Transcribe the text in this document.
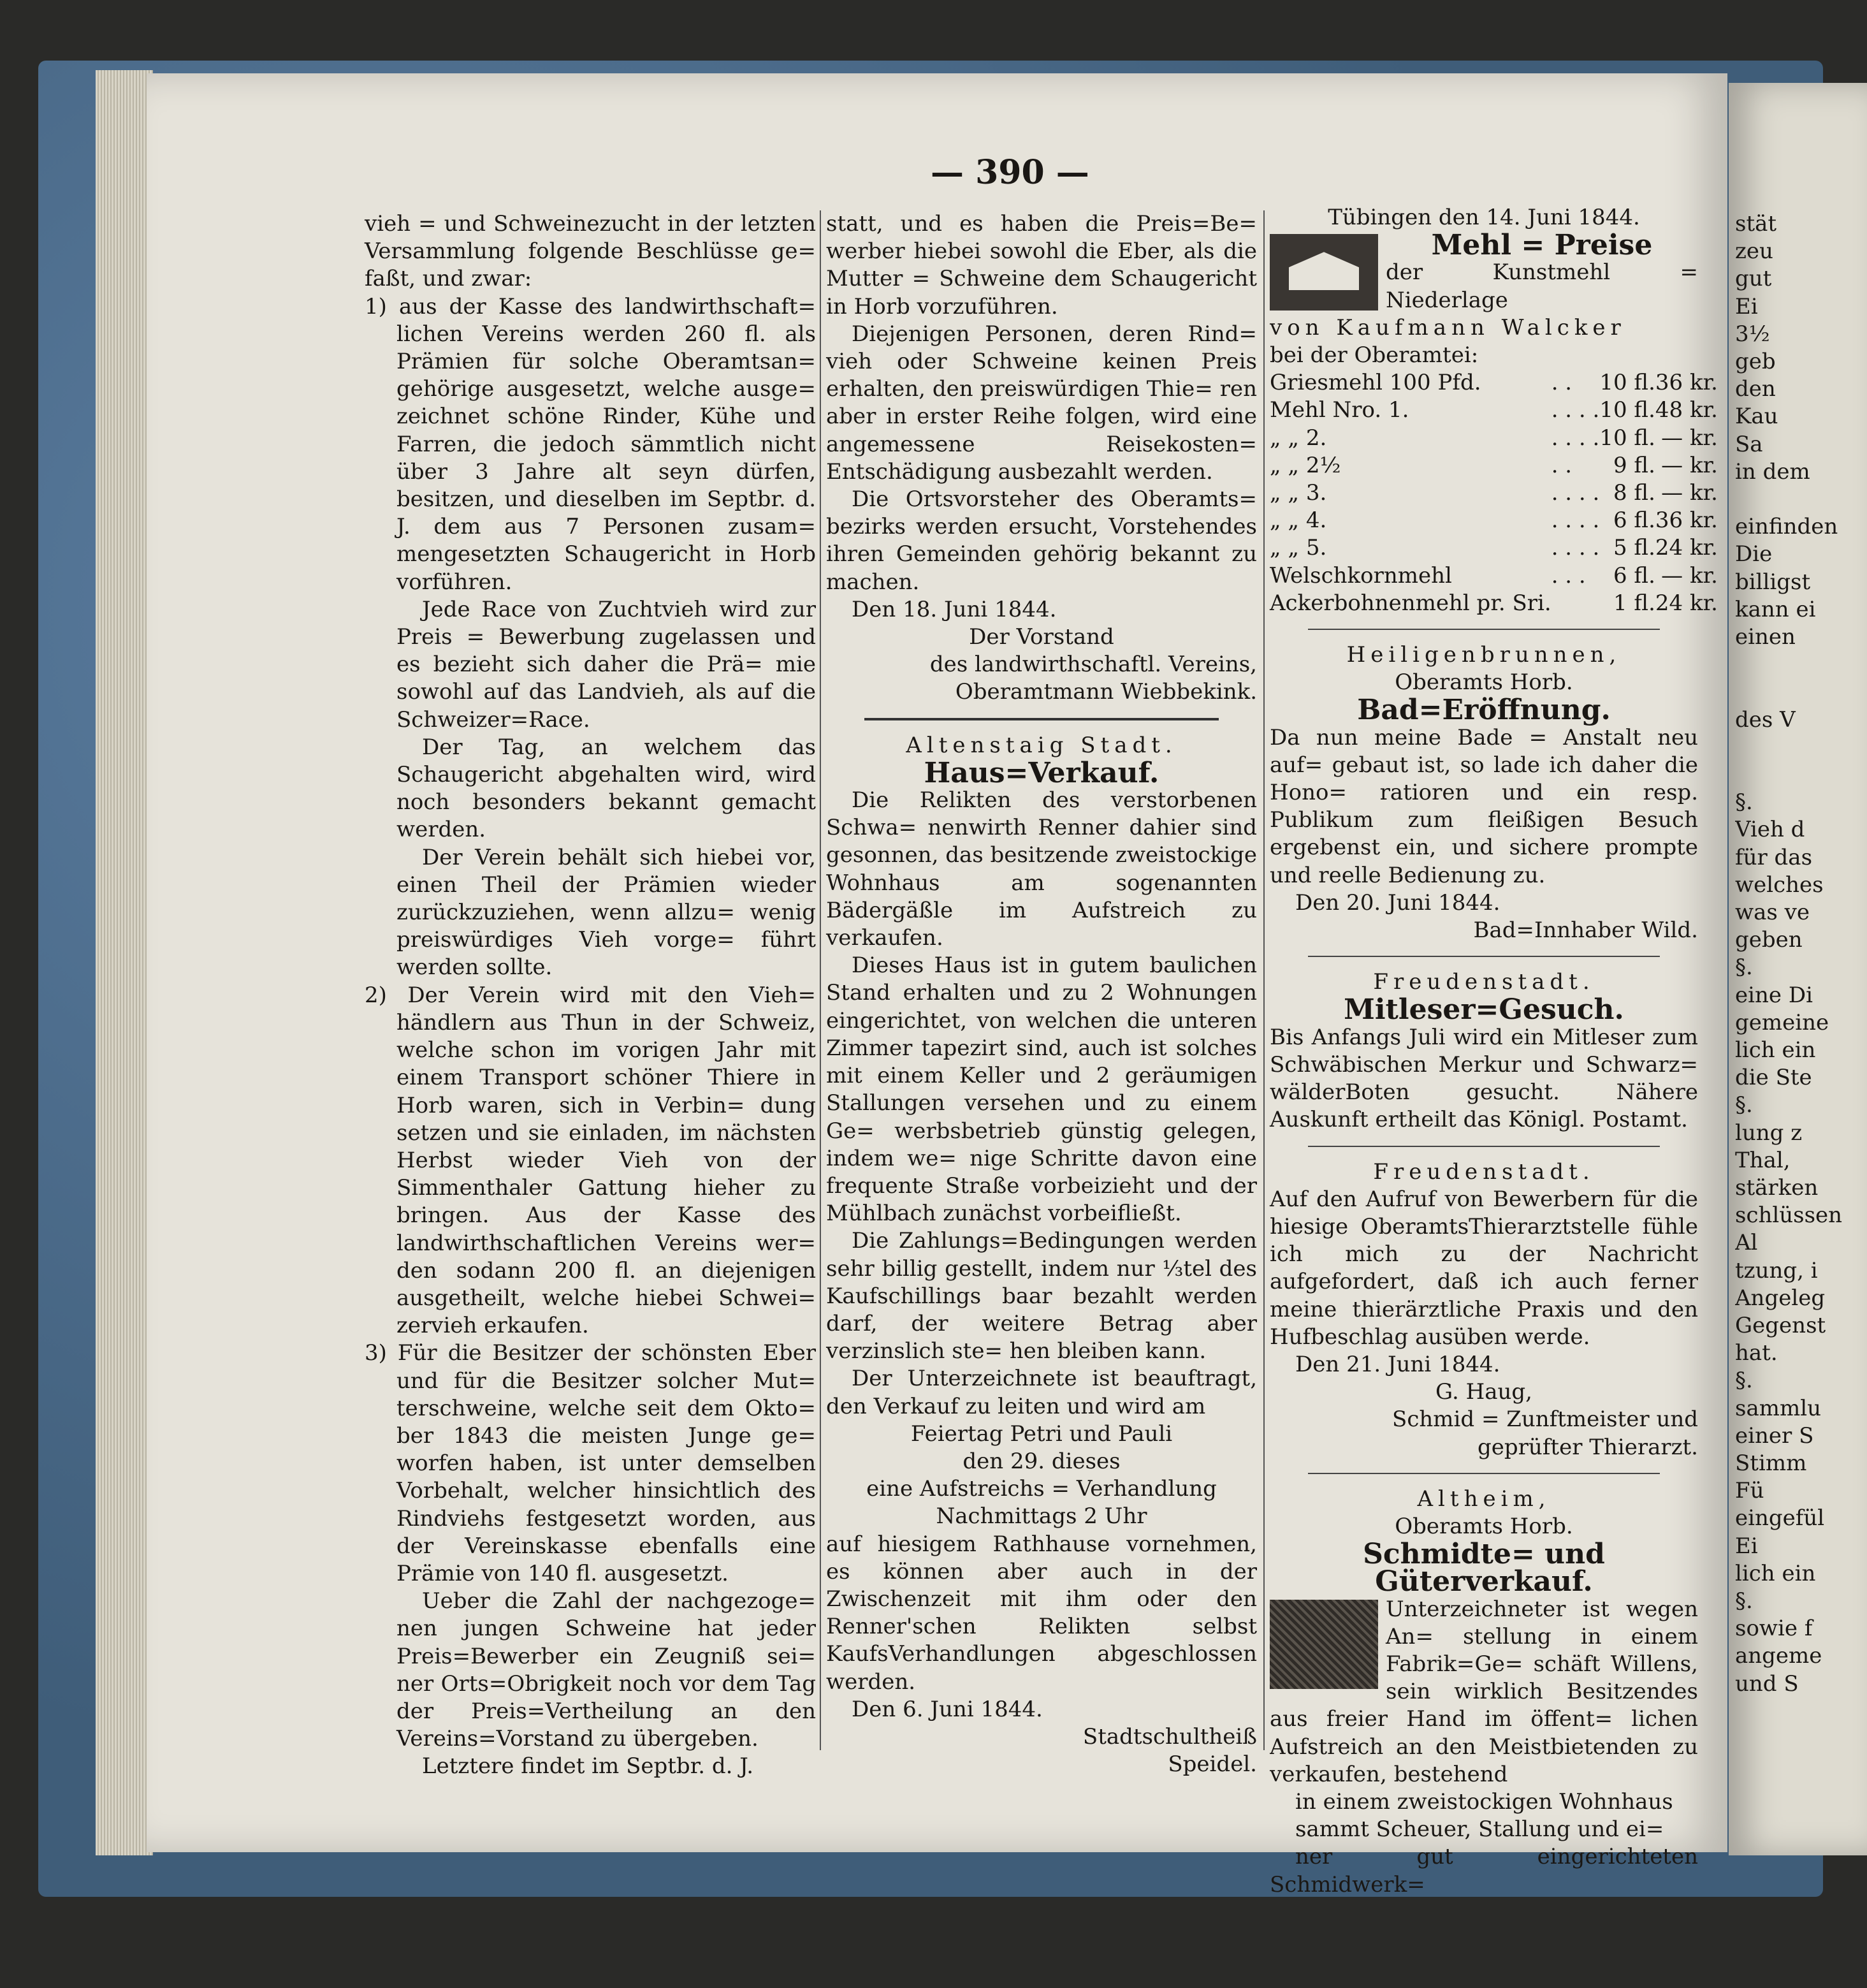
— 390 —

vieh = und Schweinezucht in der letzten Versammlung folgende Beschlüsse ge= faßt, und zwar:

1) aus der Kasse des landwirthschaft= lichen Vereins werden 260 fl. als Prämien für solche Oberamtsan= gehörige ausgesetzt, welche ausge= zeichnet schöne Rinder, Kühe und Farren, die jedoch sämmtlich nicht über 3 Jahre alt seyn dürfen, besitzen, und dieselben im Septbr. d. J. dem aus 7 Personen zusam= mengesetzten Schaugericht in Horb vorführen.

Jede Race von Zuchtvieh wird zur Preis = Bewerbung zugelassen und es bezieht sich daher die Prä= mie sowohl auf das Landvieh, als auf die Schweizer=Race.

Der Tag, an welchem das Schaugericht abgehalten wird, wird noch besonders bekannt gemacht werden.

Der Verein behält sich hiebei vor, einen Theil der Prämien wieder zurückzuziehen, wenn allzu= wenig preiswürdiges Vieh vorge= führt werden sollte.

2) Der Verein wird mit den Vieh= händlern aus Thun in der Schweiz, welche schon im vorigen Jahr mit einem Transport schöner Thiere in Horb waren, sich in Verbin= dung setzen und sie einladen, im nächsten Herbst wieder Vieh von der Simmenthaler Gattung hieher zu bringen. Aus der Kasse des landwirthschaftlichen Vereins wer= den sodann 200 fl. an diejenigen ausgetheilt, welche hiebei Schwei= zervieh erkaufen.

3) Für die Besitzer der schönsten Eber und für die Besitzer solcher Mut= terschweine, welche seit dem Okto= ber 1843 die meisten Junge ge= worfen haben, ist unter demselben Vorbehalt, welcher hinsichtlich des Rindviehs festgesetzt worden, aus der Vereinskasse ebenfalls eine Prämie von 140 fl. ausgesetzt.

Ueber die Zahl der nachgezoge= nen jungen Schweine hat jeder Preis=Bewerber ein Zeugniß sei= ner Orts=Obrigkeit noch vor dem Tag der Preis=Vertheilung an den Vereins=Vorstand zu übergeben.

Letztere findet im Septbr. d. J.

statt, und es haben die Preis=Be= werber hiebei sowohl die Eber, als die Mutter = Schweine dem Schaugericht in Horb vorzuführen.

Diejenigen Personen, deren Rind= vieh oder Schweine keinen Preis erhalten, den preiswürdigen Thie= ren aber in erster Reihe folgen, wird eine angemessene Reisekosten= Entschädigung ausbezahlt werden.

Die Ortsvorsteher des Oberamts= bezirks werden ersucht, Vorstehendes ihren Gemeinden gehörig bekannt zu machen.

Den 18. Juni 1844.

Der Vorstand

des landwirthschaftl. Vereins,

Oberamtmann Wiebbekink.

Altenstaig Stadt.

Haus=Verkauf.

Die Relikten des verstorbenen Schwa= nenwirth Renner dahier sind gesonnen, das besitzende zweistockige Wohnhaus am sogenannten Bädergäßle im Aufstreich zu verkaufen.

Dieses Haus ist in gutem baulichen Stand erhalten und zu 2 Wohnungen eingerichtet, von welchen die unteren Zimmer tapezirt sind, auch ist solches mit einem Keller und 2 geräumigen Stallungen versehen und zu einem Ge= werbsbetrieb günstig gelegen, indem we= nige Schritte davon eine frequente Straße vorbeizieht und der Mühlbach zunächst vorbeifließt.

Die Zahlungs=Bedingungen werden sehr billig gestellt, indem nur ⅓tel des Kaufschillings baar bezahlt werden darf, der weitere Betrag aber verzinslich ste= hen bleiben kann.

Der Unterzeichnete ist beauftragt, den Verkauf zu leiten und wird am

Feiertag Petri und Pauli

den 29. dieses

eine Aufstreichs = Verhandlung

Nachmittags 2 Uhr

auf hiesigem Rathhause vornehmen, es können aber auch in der Zwischenzeit mit ihm oder den Renner'schen Relikten selbst KaufsVerhandlungen abgeschlossen werden.

Den 6. Juni 1844.

Stadtschultheiß

Speidel.

Tübingen den 14. Juni 1844.

Mehl = Preise

der Kunstmehl = Niederlage

von Kaufmann Walcker

bei der Oberamtei:

Griesmehl 100 Pfd.	. .	10 fl.	36 kr.
Mehl Nro. 1.	. . . .	10 fl.	48 kr.
„ „ 2.	. . . .	10 fl.	— kr.
„ „ 2½	. .	9 fl.	— kr.
„ „ 3.	. . . .	8 fl.	— kr.
„ „ 4.	. . . .	6 fl.	36 kr.
„ „ 5.	. . . .	5 fl.	24 kr.
Welschkornmehl	. . .	6 fl.	— kr.
Ackerbohnenmehl pr. Sri.		1 fl.	24 kr.

Heiligenbrunnen,

Oberamts Horb.

Bad=Eröffnung.

Da nun meine Bade = Anstalt neu auf= gebaut ist, so lade ich daher die Hono= ratioren und ein resp. Publikum zum fleißigen Besuch ergebenst ein, und sichere prompte und reelle Bedienung zu.

Den 20. Juni 1844.

Bad=Innhaber Wild.

Freudenstadt.

Mitleser=Gesuch.

Bis Anfangs Juli wird ein Mitleser zum Schwäbischen Merkur und Schwarz= wälderBoten gesucht. Nähere Auskunft ertheilt das Königl. Postamt.

Freudenstadt.

Auf den Aufruf von Bewerbern für die hiesige OberamtsThierarztstelle fühle ich mich zu der Nachricht aufgefordert, daß ich auch ferner meine thierärztliche Praxis und den Hufbeschlag ausüben werde.

Den 21. Juni 1844.

G. Haug,

Schmid = Zunftmeister und

geprüfter Thierarzt.

Altheim,

Oberamts Horb.

Schmidte= und Güterverkauf.

Unterzeichneter ist wegen An= stellung in einem Fabrik=Ge= schäft Willens, sein wirklich Besitzendes aus freier Hand im öffent= lichen Aufstreich an den Meistbietenden zu verkaufen, bestehend

in einem zweistockigen Wohnhaus

sammt Scheuer, Stallung und ei=

ner gut eingerichteten Schmidwerk=

stät

zeu

gut

Ei

3½

geb

den

Kau

Sa

in dem

einfinden

Die

billigst

kann ei

einen

des V

§.

Vieh d

für das

welches

was ve

geben

§.

eine Di

gemeine

lich ein

die Ste

§.

lung z

Thal,

stärken

schlüssen

Al

tzung, i

Angeleg

Gegenst

hat.

§.

sammlu

einer S

Stimm

Fü

eingefül

Ei

lich ein

§.

sowie f

angeme

und S
